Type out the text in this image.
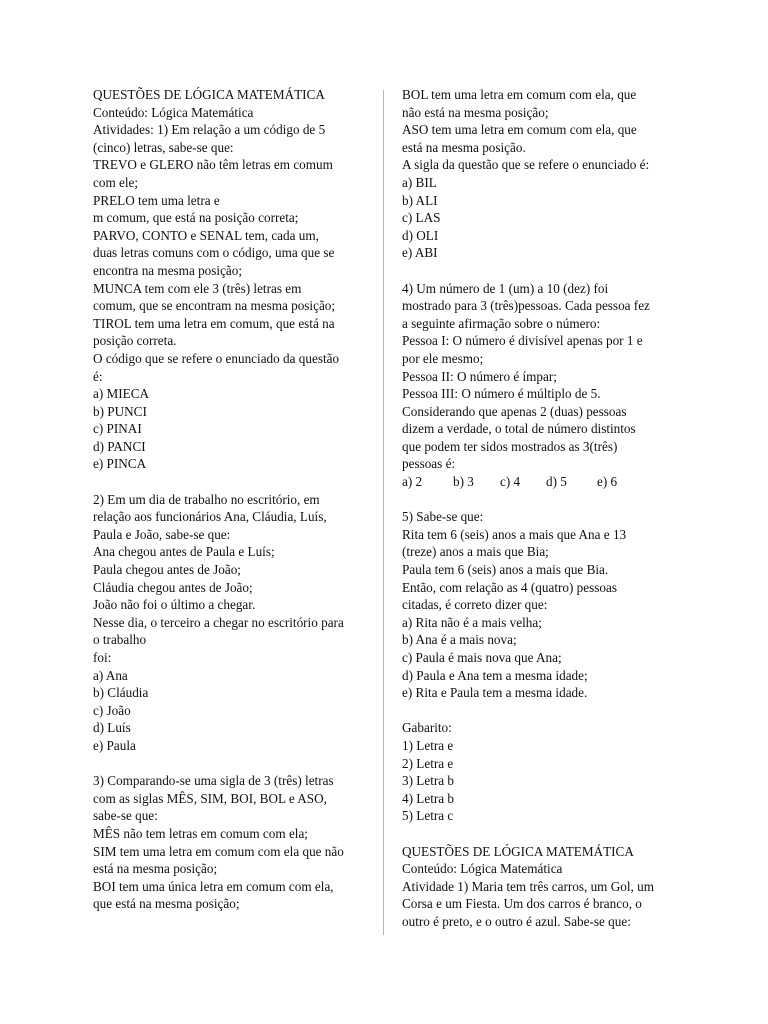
QUESTÕES DE LÓGICA MATEMÁTICA
Conteúdo: Lógica Matemática
Atividades: 1) Em relação a um código de 5
(cinco) letras, sabe-se que:
TREVO e GLERO não têm letras em comum
com ele;
PRELO tem uma letra e
m comum, que está na posição correta;
PARVO, CONTO e SENAL tem, cada um,
duas letras comuns com o código, uma que se
encontra na mesma posição;
MUNCA tem com ele 3 (três) letras em
comum, que se encontram na mesma posição;
TIROL tem uma letra em comum, que está na
posição correta.
O código que se refere o enunciado da questão
é:
a) MIECA
b) PUNCI
c) PINAI
d) PANCI
e) PINCA
2) Em um dia de trabalho no escritório, em
relação aos funcionários Ana, Cláudia, Luís,
Paula e João, sabe-se que:
Ana chegou antes de Paula e Luís;
Paula chegou antes de João;
Cláudia chegou antes de João;
João não foi o último a chegar.
Nesse dia, o terceiro a chegar no escritório para
o trabalho
foi:
a) Ana
b) Cláudia
c) João
d) Luís
e) Paula
3) Comparando-se uma sigla de 3 (três) letras
com as siglas MÊS, SIM, BOI, BOL e ASO,
sabe-se que:
MÊS não tem letras em comum com ela;
SIM tem uma letra em comum com ela que não
está na mesma posição;
BOI tem uma única letra em comum com ela,
que está na mesma posição;
BOL tem uma letra em comum com ela, que
não está na mesma posição;
ASO tem uma letra em comum com ela, que
está na mesma posição.
A sigla da questão que se refere o enunciado é:
a) BIL
b) ALI
c) LAS
d) OLI
e) ABI
4) Um número de 1 (um) a 10 (dez) foi
mostrado para 3 (três)pessoas. Cada pessoa fez
a seguinte afirmação sobre o número:
Pessoa I: O número é divisível apenas por 1 e
por ele mesmo;
Pessoa II: O número é ímpar;
Pessoa III: O número é múltiplo de 5.
Considerando que apenas 2 (duas) pessoas
dizem a verdade, o total de número distintos
que podem ter sidos mostrados as 3(três)
pessoas é:
a) 2	b) 3	c) 4	d) 5	e) 6
5) Sabe-se que:
Rita tem 6 (seis) anos a mais que Ana e 13
(treze) anos a mais que Bia;
Paula tem 6 (seis) anos a mais que Bia.
Então, com relação as 4 (quatro) pessoas
citadas, é correto dizer que:
a) Rita não é a mais velha;
b) Ana é a mais nova;
c) Paula é mais nova que Ana;
d) Paula e Ana tem a mesma idade;
e) Rita e Paula tem a mesma idade.
Gabarito:
1) Letra e
2) Letra e
3) Letra b
4) Letra b
5) Letra c
QUESTÕES DE LÓGICA MATEMÁTICA
Conteúdo: Lógica Matemática
Atividade 1) Maria tem três carros, um Gol, um
Corsa e um Fiesta. Um dos carros é branco, o
outro é preto, e o outro é azul. Sabe-se que:
